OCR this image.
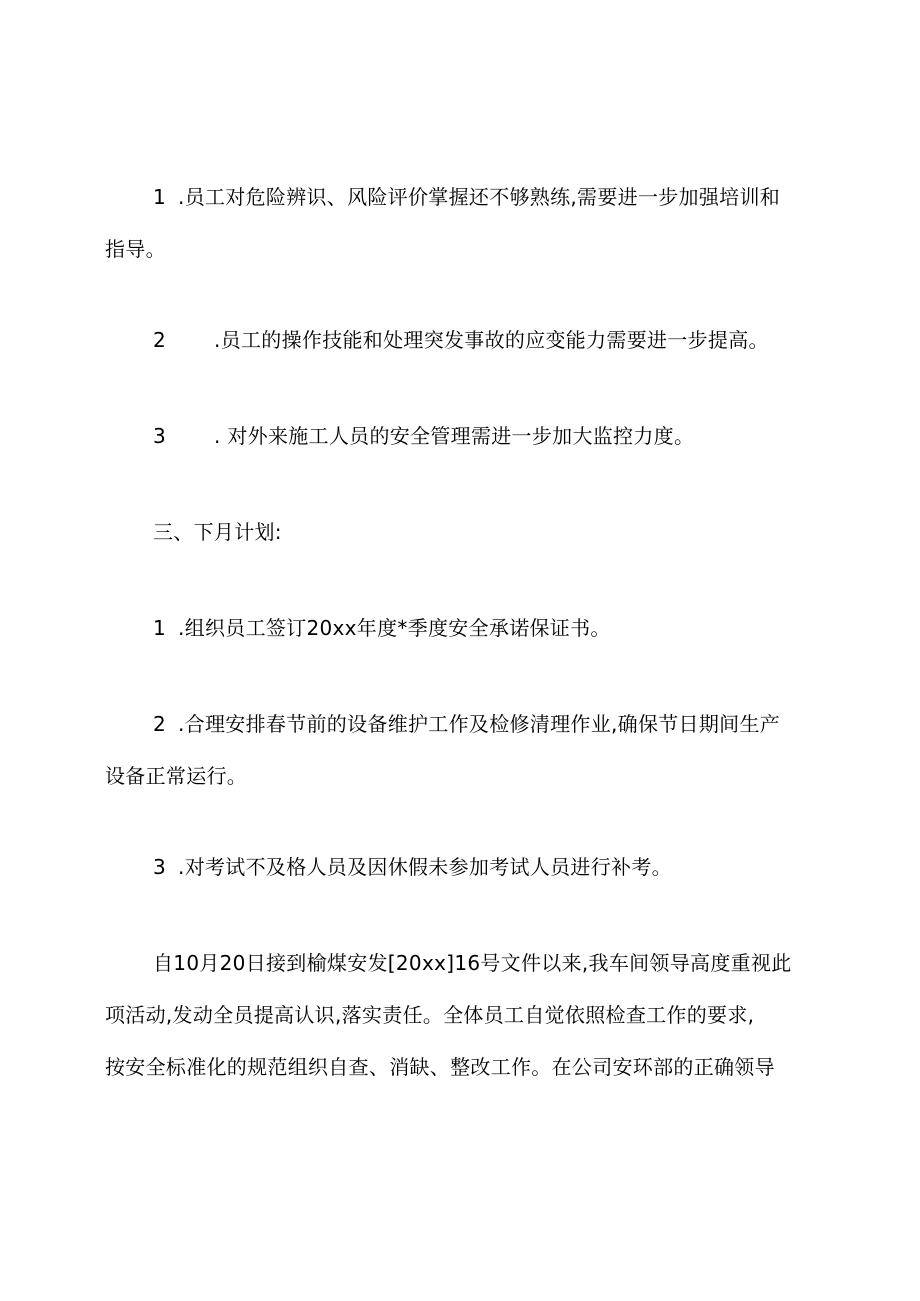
1 .员工对危险辨识、风险评价掌握还不够熟练,需要进一步加强培训和
指导。

2 .员工的操作技能和处理突发事故的应变能力需要进一步提高。

3 . 对外来施工人员的安全管理需进一步加大监控力度。

三、下月计划:

1 .组织员工签订20xx年度*季度安全承诺保证书。

2 .合理安排春节前的设备维护工作及检修清理作业,确保节日期间生产
设备正常运行。

3 .对考试不及格人员及因休假未参加考试人员进行补考。

自10月20日接到榆煤安发[20xx]16号文件以来,我车间领导高度重视此
项活动,发动全员提高认识,落实责任。全体员工自觉依照检查工作的要求,
按安全标准化的规范组织自查、消缺、整改工作。在公司安环部的正确领导
